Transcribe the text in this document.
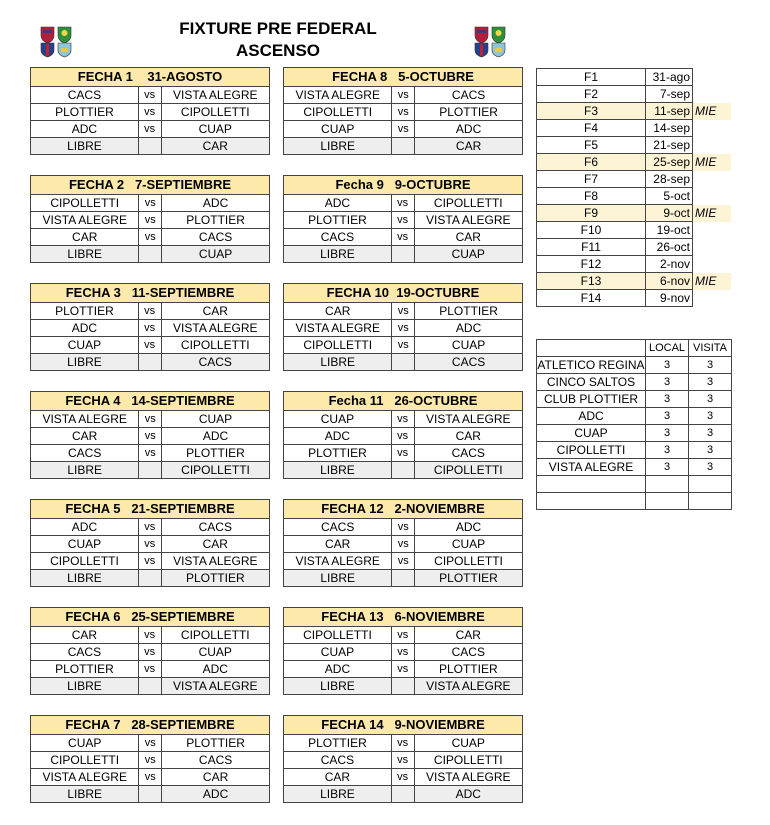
FIXTURE PRE FEDERAL
ASCENSO
FECHA 1    31-AGOSTO		
CACS	vs	VISTA ALEGRE
PLOTTIER	vs	CIPOLLETTI
ADC	vs	CUAP
LIBRE		CAR
FECHA 2   7-SEPTIEMBRE		
CIPOLLETTI	vs	ADC
VISTA ALEGRE	vs	PLOTTIER
CAR	vs	CACS
LIBRE		CUAP
FECHA 3   11-SEPTIEMBRE		
PLOTTIER	vs	CAR
ADC	vs	VISTA ALEGRE
CUAP	vs	CIPOLLETTI
LIBRE		CACS
FECHA 4   14-SEPTIEMBRE		
VISTA ALEGRE	vs	CUAP
CAR	vs	ADC
CACS	vs	PLOTTIER
LIBRE		CIPOLLETTI
FECHA 5   21-SEPTIEMBRE		
ADC	vs	CACS
CUAP	vs	CAR
CIPOLLETTI	vs	VISTA ALEGRE
LIBRE		PLOTTIER
FECHA 6   25-SEPTIEMBRE		
CAR	vs	CIPOLLETTI
CACS	vs	CUAP
PLOTTIER	vs	ADC
LIBRE		VISTA ALEGRE
FECHA 7   28-SEPTIEMBRE		
CUAP	vs	PLOTTIER
CIPOLLETTI	vs	CACS
VISTA ALEGRE	vs	CAR
LIBRE		ADC
FECHA 8   5-OCTUBRE		
VISTA ALEGRE	vs	CACS
CIPOLLETTI	vs	PLOTTIER
CUAP	vs	ADC
LIBRE		CAR
Fecha 9   9-OCTUBRE		
ADC	vs	CIPOLLETTI
PLOTTIER	vs	VISTA ALEGRE
CACS	vs	CAR
LIBRE		CUAP
FECHA 10  19-OCTUBRE		
CAR	vs	PLOTTIER
VISTA ALEGRE	vs	ADC
CIPOLLETTI	vs	CUAP
LIBRE		CACS
Fecha 11   26-OCTUBRE		
CUAP	vs	VISTA ALEGRE
ADC	vs	CAR
PLOTTIER	vs	CACS
LIBRE		CIPOLLETTI
FECHA 12   2-NOVIEMBRE		
CACS	vs	ADC
CAR	vs	CUAP
VISTA ALEGRE	vs	CIPOLLETTI
LIBRE		PLOTTIER
FECHA 13   6-NOVIEMBRE		
CIPOLLETTI	vs	CAR
CUAP	vs	CACS
ADC	vs	PLOTTIER
LIBRE		VISTA ALEGRE
FECHA 14   9-NOVIEMBRE		
PLOTTIER	vs	CUAP
CACS	vs	CIPOLLETTI
CAR	vs	VISTA ALEGRE
LIBRE		ADC
F1	31-ago	
F2	7-sep	
F3	11-sep	MIE
F4	14-sep	
F5	21-sep	
F6	25-sep	MIE
F7	28-sep	
F8	5-oct	
F9	9-oct	MIE
F10	19-oct	
F11	26-oct	
F12	2-nov	
F13	6-nov	MIE
F14	9-nov	
	LOCAL	VISITA
ATLETICO REGINA	3	3
CINCO SALTOS	3	3
CLUB PLOTTIER	3	3
ADC	3	3
CUAP	3	3
CIPOLLETTI	3	3
VISTA ALEGRE	3	3
